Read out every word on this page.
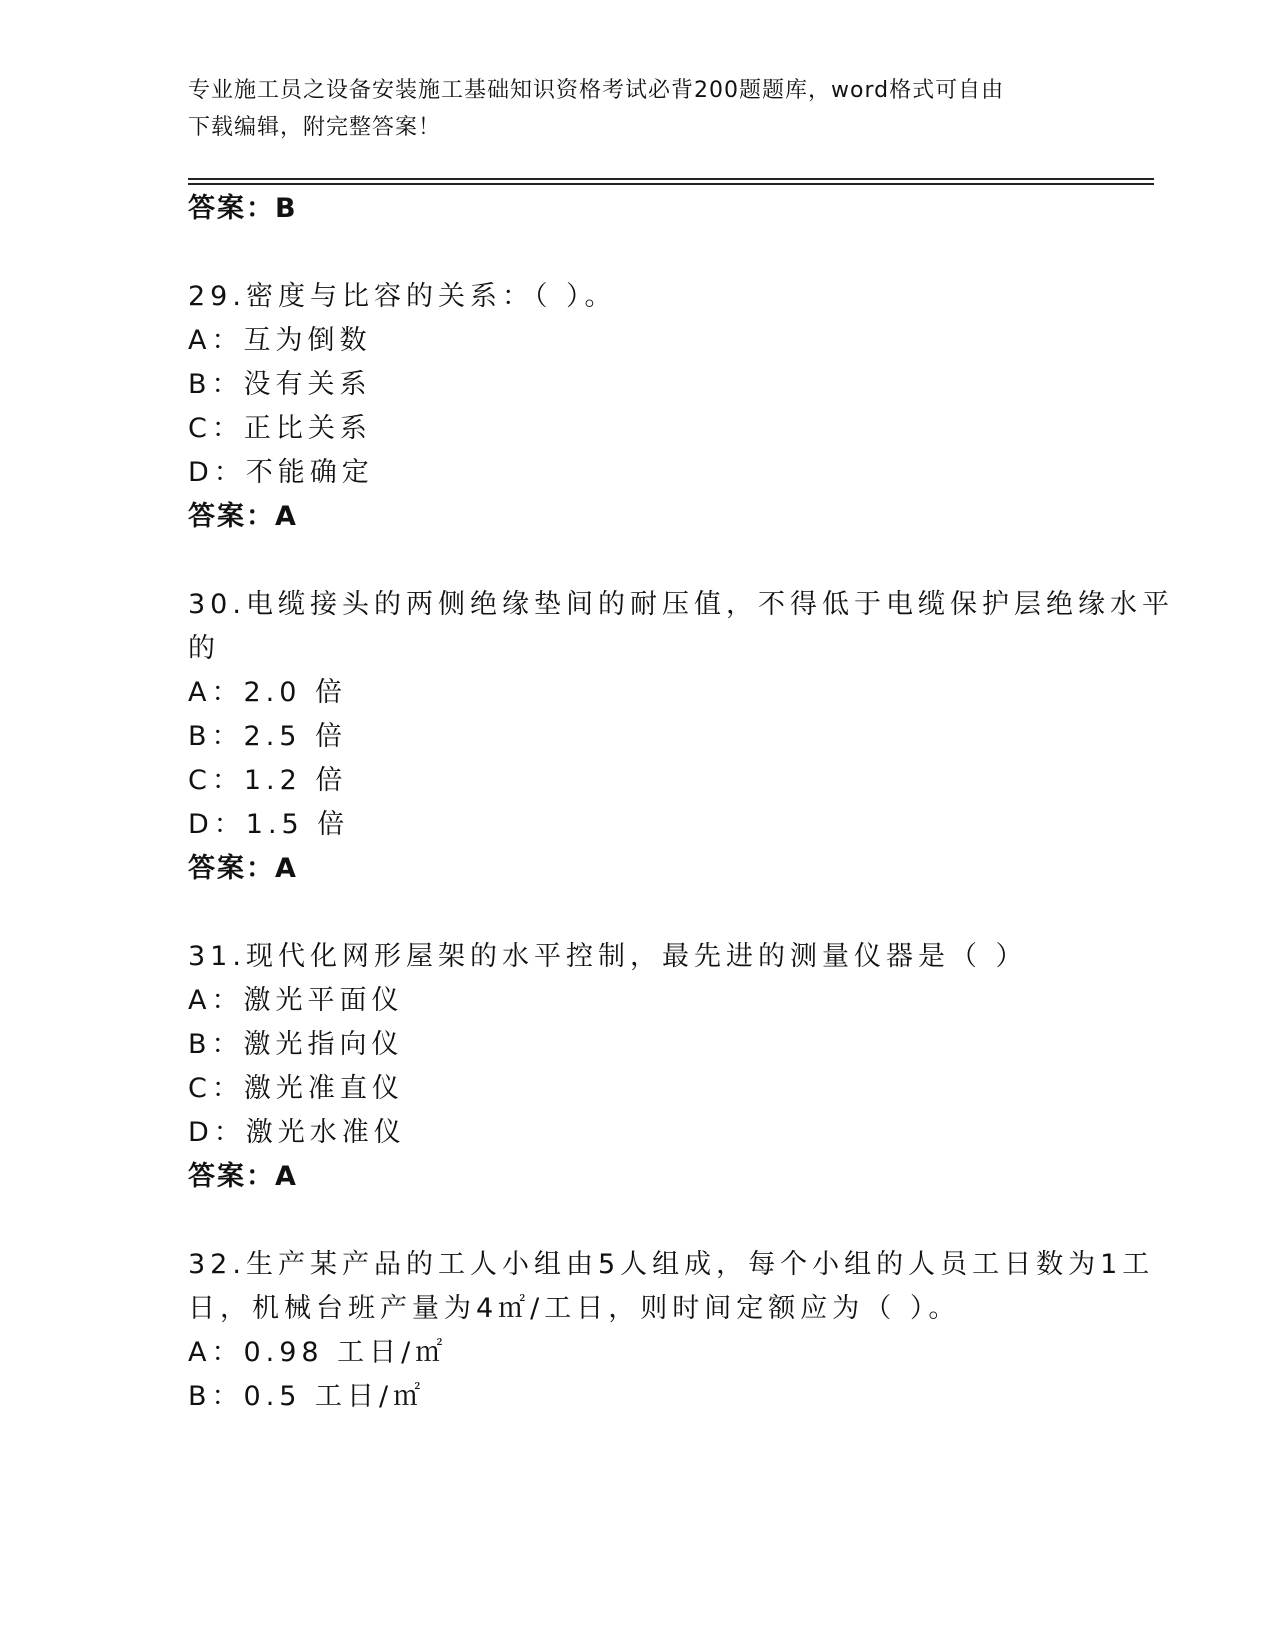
专业施工员之设备安装施工基础知识资格考试必背200题题库，word格式可自由
下载编辑，附完整答案！
答案：B
29.密度与比容的关系：（ ）。
A：互为倒数
B：没有关系
C：正比关系
D：不能确定
答案：A
30.电缆接头的两侧绝缘垫间的耐压值，不得低于电缆保护层绝缘水平
的
A：2.0 倍
B：2.5 倍
C：1.2 倍
D：1.5 倍
答案：A
31.现代化网形屋架的水平控制，最先进的测量仪器是（ ）
A：激光平面仪
B：激光指向仪
C：激光准直仪
D：激光水准仪
答案：A
32.生产某产品的工人小组由5人组成，每个小组的人员工日数为1工
日，机械台班产量为4㎡/工日，则时间定额应为（ ）。
A：0.98 工日/㎡
B：0.5 工日/㎡
